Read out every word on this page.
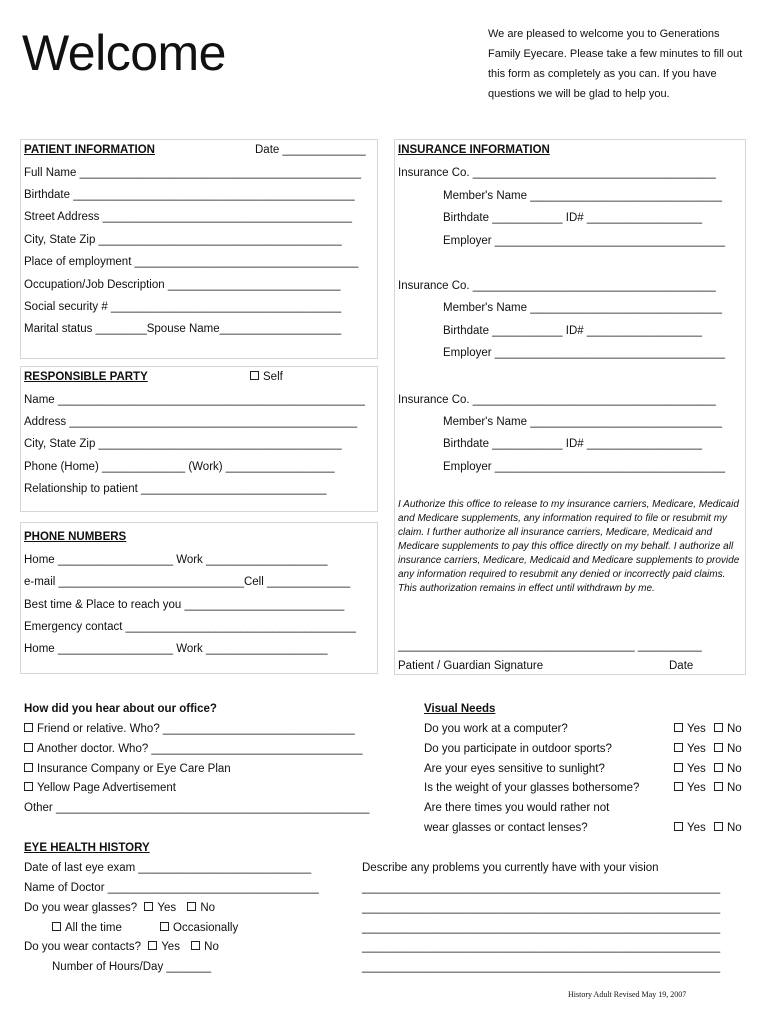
Welcome	We are pleased to welcome you to Generations Family Eyecare. Please take a few minutes to fill out this form as completely as you can. If you have questions we will be glad to help you.
PATIENT INFORMATION	Date _____________
Full Name ____________________________________________
Birthdate ____________________________________________
Street Address _______________________________________
City, State Zip ______________________________________
Place of employment ___________________________________
Occupation/Job Description ___________________________
Social security # ____________________________________
Marital status ________Spouse Name___________________
RESPONSIBLE PARTY	Self
Name ________________________________________________
Address _____________________________________________
City, State Zip ______________________________________
Phone (Home) _____________ (Work) _________________
Relationship to patient _____________________________
PHONE NUMBERS
Home __________________ Work ___________________
e-mail _____________________________Cell _____________
Best time & Place to reach you _________________________
Emergency contact ____________________________________
Home __________________ Work ___________________
INSURANCE INFORMATION
Insurance Co. ______________________________________
Member's Name ______________________________
Birthdate ___________ ID# __________________
Employer ____________________________________
Insurance Co. ______________________________________
Member's Name ______________________________
Birthdate ___________ ID# __________________
Employer ____________________________________
Insurance Co. ______________________________________
Member's Name ______________________________
Birthdate ___________ ID# __________________
Employer ____________________________________
I Authorize this office to release to my insurance carriers, Medicare, Medicaid and Medicare supplements, any information required to file or resubmit my claim. I further authorize all insurance carriers, Medicare, Medicaid and Medicare supplements to pay this office directly on my behalf. I authorize all insurance carriers, Medicare, Medicaid and Medicare supplements to provide any information required to resubmit any denied or incorrectly paid claims. This authorization remains in effect until withdrawn by me.
_____________________________________ __________
Patient / Guardian Signature	Date
How did you hear about our office?
Friend or relative. Who? ______________________________
Another doctor. Who? _________________________________
Insurance Company or Eye Care Plan
Yellow Page Advertisement
Other _________________________________________________
Visual Needs
Do you work at a computer?	Yes	No
Do you participate in outdoor sports?	Yes	No
Are your eyes sensitive to sunlight?	Yes	No
Is the weight of your glasses bothersome?	Yes	No
Are there times you would rather not
wear glasses or contact lenses?	Yes	No
EYE HEALTH HISTORY
Date of last eye exam ___________________________
Name of Doctor _________________________________
Do you wear glasses? Yes No
All the time	Occasionally
Do you wear contacts? Yes No
Number of Hours/Day _______
Describe any problems you currently have with your vision
________________________________________________________
________________________________________________________
________________________________________________________
________________________________________________________
________________________________________________________
History Adult Revised May 19, 2007
